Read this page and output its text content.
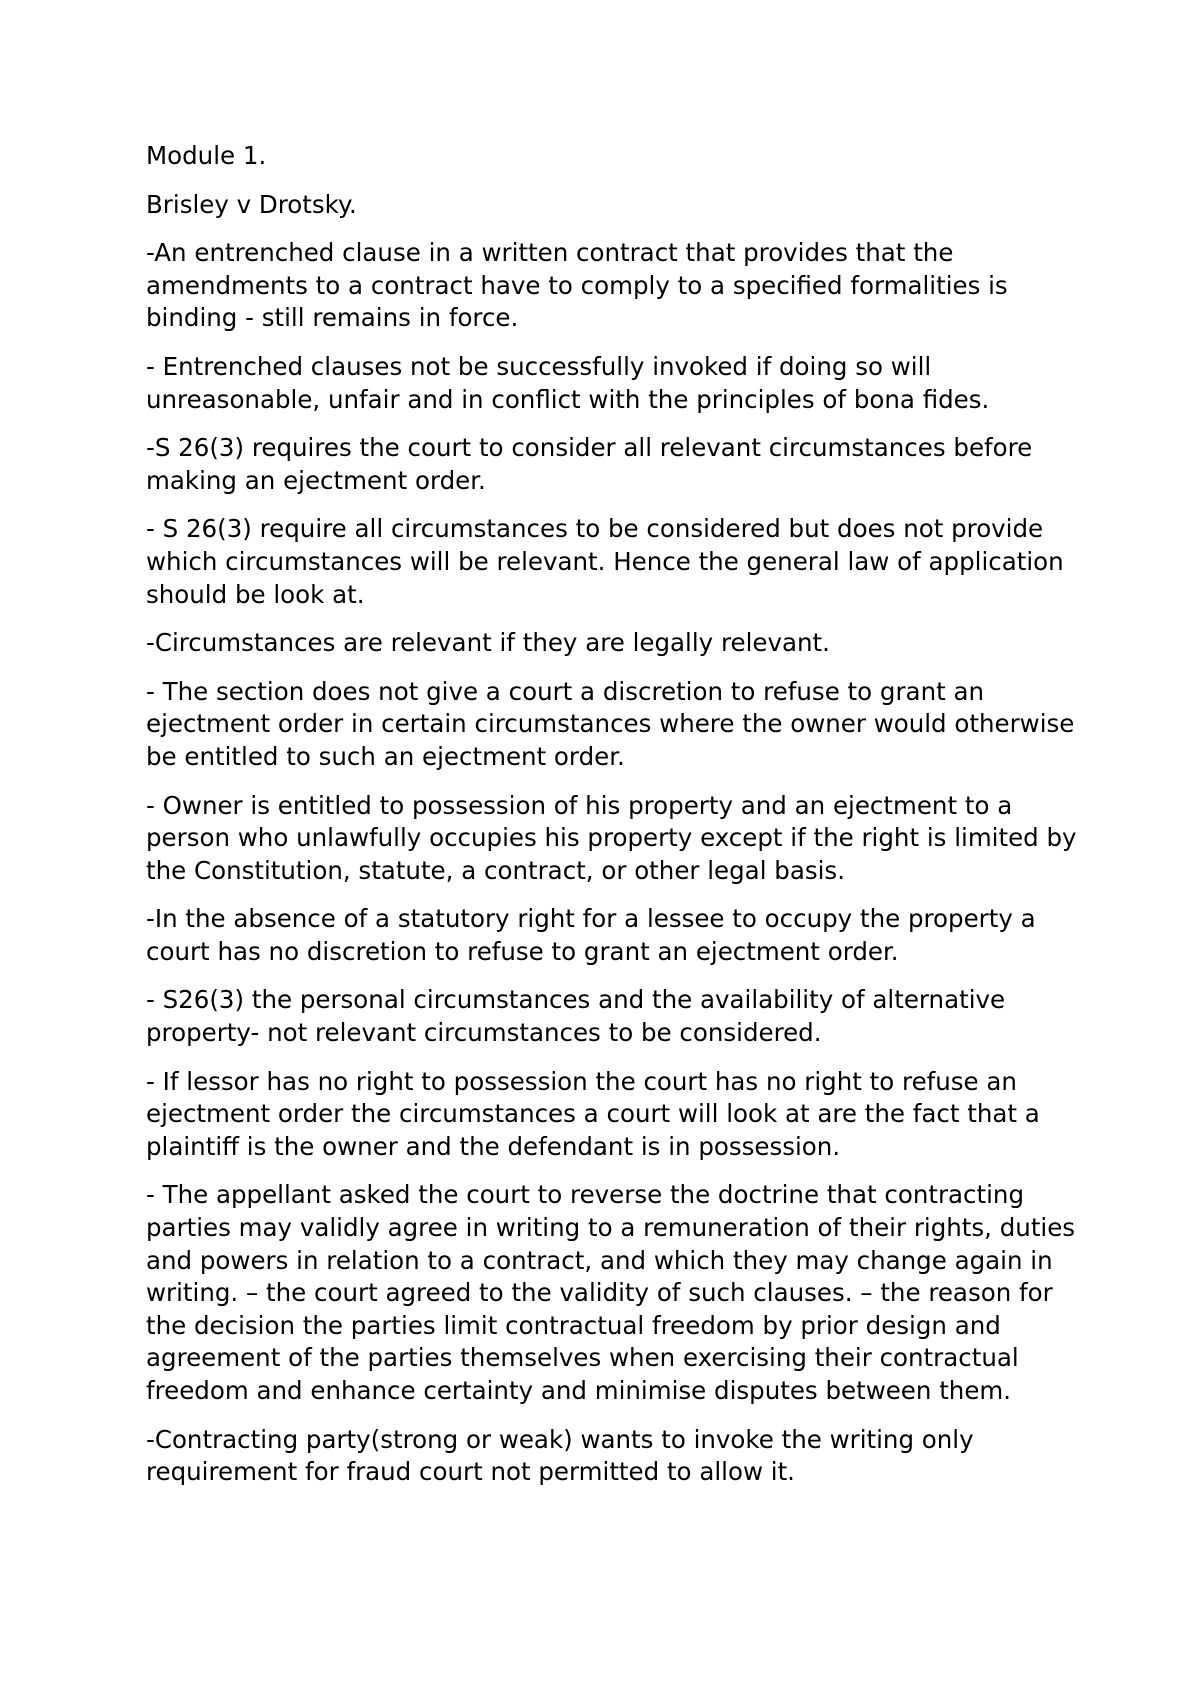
Module 1.

Brisley v Drotsky.

-An entrenched clause in a written contract that provides that the amendments to a contract have to comply to a specified formalities is binding - still remains in force.

- Entrenched clauses not be successfully invoked if doing so will unreasonable, unfair and in conflict with the principles of bona fides.

-S 26(3) requires the court to consider all relevant circumstances before making an ejectment order.

- S 26(3) require all circumstances to be considered but does not provide which circumstances will be relevant. Hence the general law of application should be look at.

-Circumstances are relevant if they are legally relevant.

- The section does not give a court a discretion to refuse to grant an ejectment order in certain circumstances where the owner would otherwise be entitled to such an ejectment order.

- Owner is entitled to possession of his property and an ejectment to a person who unlawfully occupies his property except if the right is limited by the Constitution, statute, a contract, or other legal basis.

-In the absence of a statutory right for a lessee to occupy the property a court has no discretion to refuse to grant an ejectment order.

- S26(3) the personal circumstances and the availability of alternative property- not relevant circumstances to be considered.

- If lessor has no right to possession the court has no right to refuse an ejectment order the circumstances a court will look at are the fact that a plaintiff is the owner and the defendant is in possession.

- The appellant asked the court to reverse the doctrine that contracting parties may validly agree in writing to a remuneration of their rights, duties and powers in relation to a contract, and which they may change again in writing. – the court agreed to the validity of such clauses. – the reason for the decision the parties limit contractual freedom by prior design and agreement of the parties themselves when exercising their contractual freedom and enhance certainty and minimise disputes between them.

-Contracting party(strong or weak) wants to invoke the writing only requirement for fraud court not permitted to allow it.
